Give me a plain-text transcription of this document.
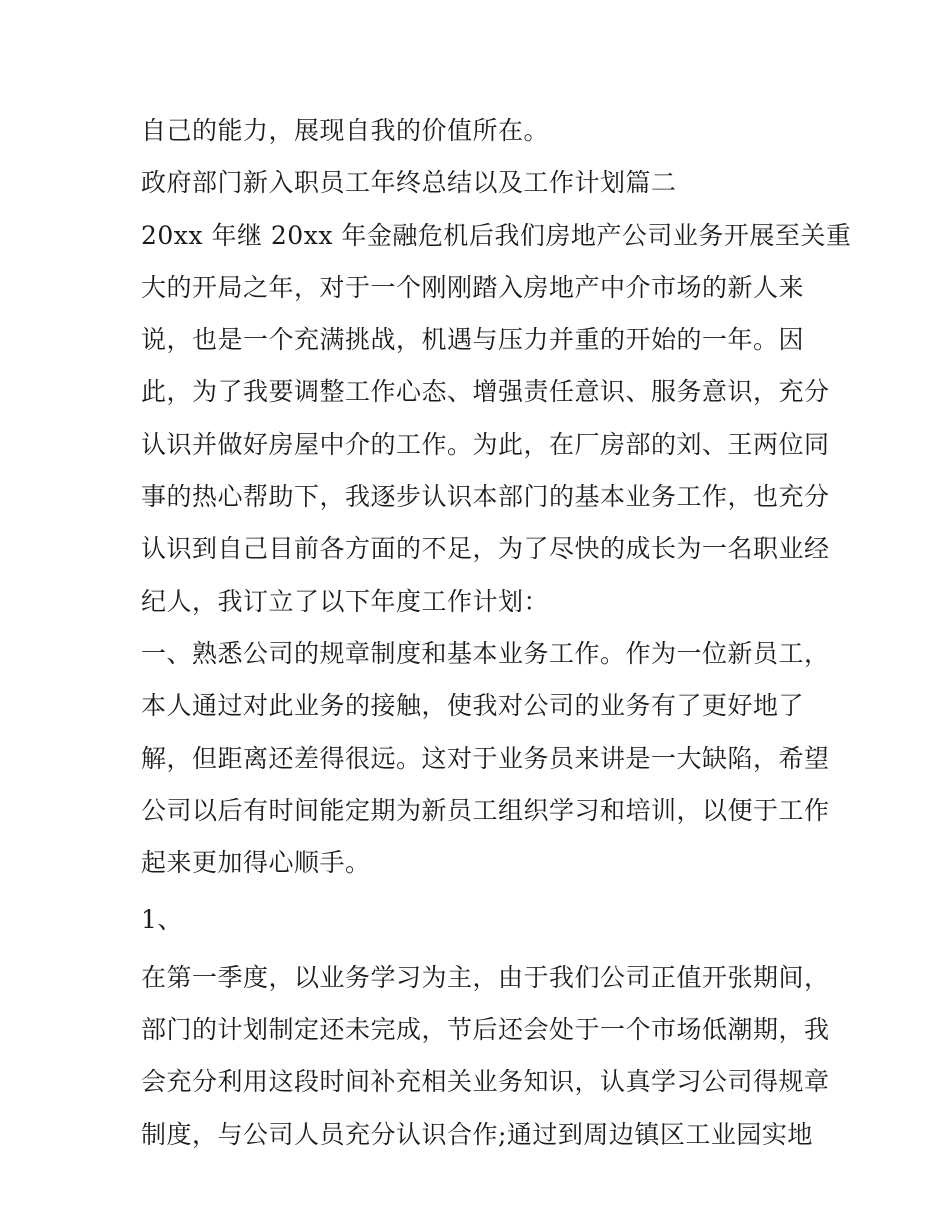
自己的能力，展现自我的价值所在。
政府部门新入职员工年终总结以及工作计划篇二
20xx 年继 20xx 年金融危机后我们房地产公司业务开展至关重
大的开局之年，对于一个刚刚踏入房地产中介市场的新人来
说，也是一个充满挑战，机遇与压力并重的开始的一年。因
此，为了我要调整工作心态、增强责任意识、服务意识，充分
认识并做好房屋中介的工作。为此，在厂房部的刘、王两位同
事的热心帮助下，我逐步认识本部门的基本业务工作，也充分
认识到自己目前各方面的不足，为了尽快的成长为一名职业经
纪人，我订立了以下年度工作计划：
一、熟悉公司的规章制度和基本业务工作。作为一位新员工，
本人通过对此业务的接触，使我对公司的业务有了更好地了
解，但距离还差得很远。这对于业务员来讲是一大缺陷，希望
公司以后有时间能定期为新员工组织学习和培训，以便于工作
起来更加得心顺手。
1、
在第一季度，以业务学习为主，由于我们公司正值开张期间，
部门的计划制定还未完成，节后还会处于一个市场低潮期，我
会充分利用这段时间补充相关业务知识，认真学习公司得规章
制度，与公司人员充分认识合作;通过到周边镇区工业园实地
